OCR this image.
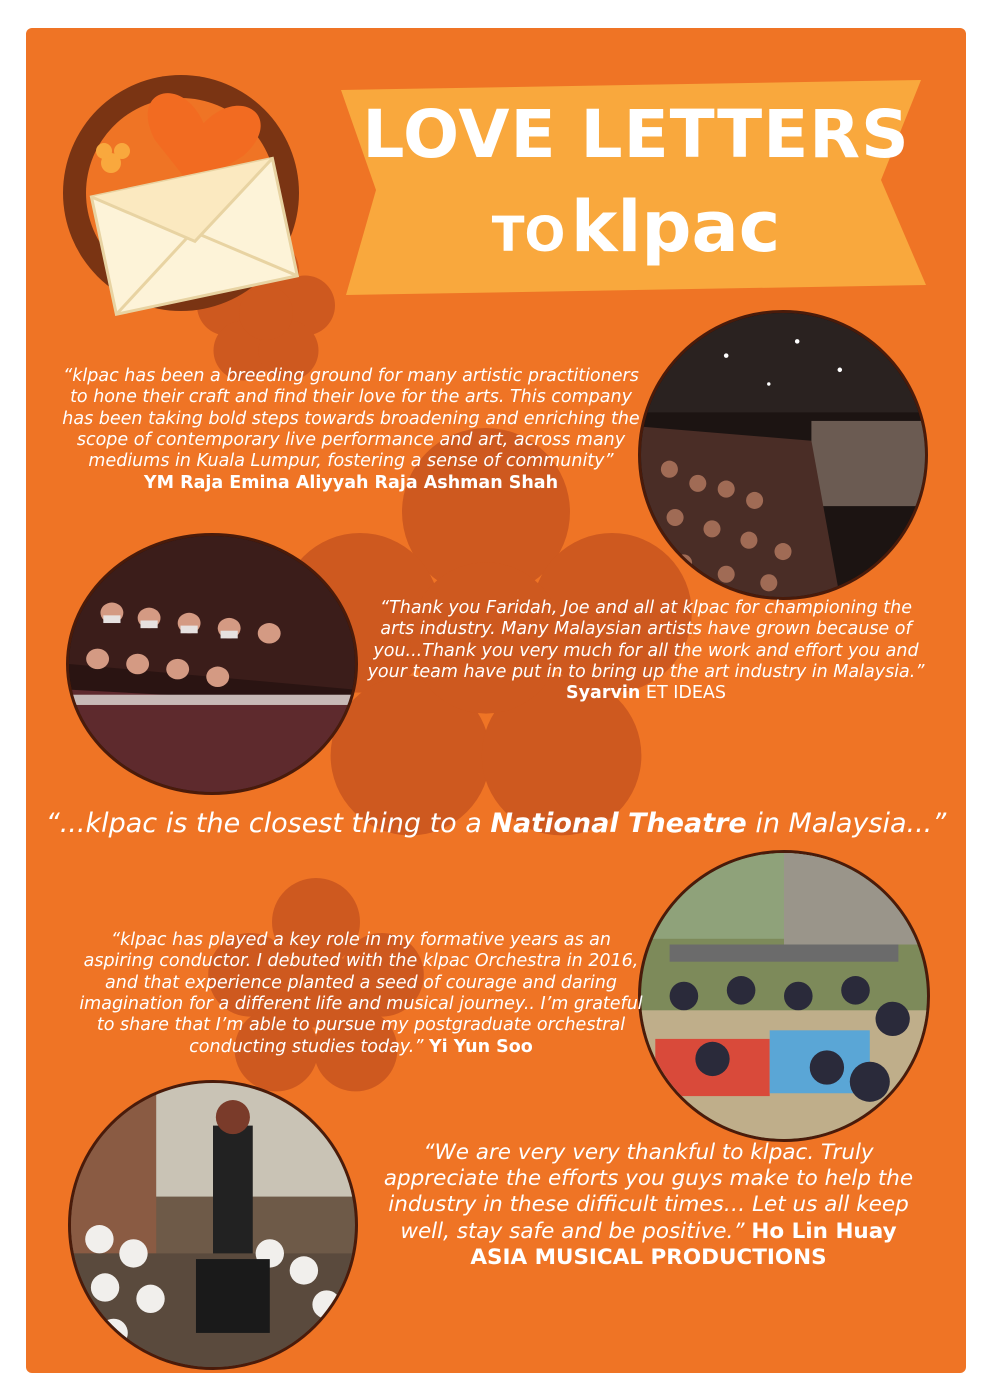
LOVE LETTERS
TO klpac
“klpac has been a breeding ground for many artistic practitioners to hone their craft and find their love for the arts. This company has been taking bold steps towards broadening and enriching the scope of contemporary live performance and art, across many mediums in Kuala Lumpur, fostering a sense of community”
YM Raja Emina Aliyyah Raja Ashman Shah
“Thank you Faridah, Joe and all at klpac for championing the arts industry. Many Malaysian artists have grown because of you...Thank you very much for all the work and effort you and your team have put in to bring up the art industry in Malaysia.” Syarvin ET IDEAS
“...klpac is the closest thing to a National Theatre in Malaysia...”
“klpac has played a key role in my formative years as an aspiring conductor. I debuted with the klpac Orchestra in 2016, and that experience planted a seed of courage and daring imagination for a different life and musical journey.. I’m grateful to share that I’m able to pursue my postgraduate orchestral conducting studies today.” Yi Yun Soo
“We are very very thankful to klpac. Truly appreciate the efforts you guys make to help the industry in these difficult times… Let us all keep well, stay safe and be positive.” Ho Lin Huay
ASIA MUSICAL PRODUCTIONS
